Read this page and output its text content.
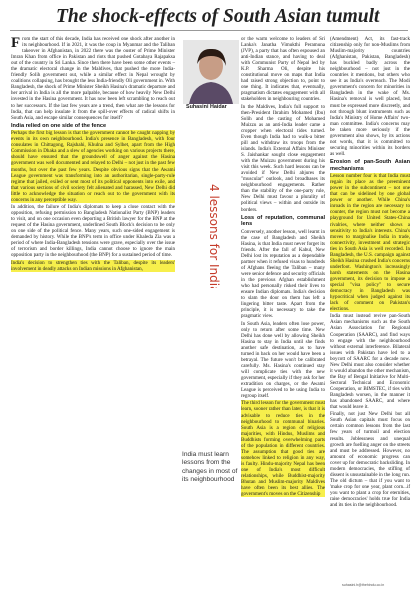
The shock-effects of South Asian tumult

From the start of this decade, India has received one shock after another in its neighbourhood. If in 2021, it was the coup in Myanmar and the Taliban takeover in Afghanistan, in 2022 there was the ouster of Prime Minister Imran Khan from office in Pakistan and riots that pushed Gotabaya Rajapaksa out of the country in Sri Lanka. Since then there have been some other events – the dramatic electoral change in the Maldives, that pushed the more India-friendly Solih government out, while a similar effect in Nepal wrought by coalitions collapsing, has brought the less India-friendly Oli government in. With Bangladesh, the shock of Prime Minister Sheikh Hasina's dramatic departure and her arrival in India is all the more palpable, because of how heavily New Delhi invested in the Hasina government. It has now been left scrambling to reach out to her successors. If the last few years are a trend, then what are the lessons for India, that can help insulate it from the spill-over effects of radical shifts in South Asia, and escape similar consequences for itself?

India relied on one side of the fence

Perhaps the first big lesson is that the government cannot be caught napping by events in its own neighbourhood. India's presence in Bangladesh, with four consulates in Chittagong, Rajshahi, Khulna and Sylhet, apart from the High Commission in Dhaka and a slew of agencies working on various projects there, should have ensured that the groundswell of anger against the Hasina government was well documented and relayed to Delhi – not just in the past few months, but over the past few years. Despite obvious signs that the Awami League government was transforming into an authoritarian, single-party-rule regime that jailed, exiled or sent most of its political opponents into exile, and that various sections of civil society felt alienated and harassed, New Delhi did little to acknowledge the situation or reach out to the government with its concerns in any perceptible way.

In addition, the failure of India's diplomats to keep a close contact with the opposition, refusing permission to Bangladesh Nationalist Party (BNP) leaders to visit, and on one occasion even deporting a British lawyer for the BNP at the request of the Hasina government, underlined South Block's decision to be only on one side of the political fence. Many years, such one-sided engagement is demanded by history. While the BNP's term in office under Khaleda Zia was a period of where India-Bangladesh tensions were grave, especially over the issue of terrorism and border killings, India cannot choose to ignore the main opposition party in the neighbourhood (the BNP) for a sustained period of time.

India's decision to strengthen ties with the Taliban, despite its leaders' involvement in deadly attacks on Indian missions in Afghanistan,

Suhasini Haidar
4 lessons for India in IR

or the warm welcome to leaders of Sri Lanka's Janatha Vimukthi Peramuna (JVP), a party that has often espoused an anti-Indian stance, and having to deal with Communist Party of Nepal led by K.P. Sharma Oli, despite his constitutional move on maps that India had raised strong objection to, point to one thing. It indicates that, eventually, pragmatism dictates engagement with all stakeholders in neighbouring countries.

In the Maldives, India's full support to then-President Ibrahim Mohamed (Ibu) Solih and the casting of Mohamed Muizzu as an anti-India leader came a cropper when electoral tides turned. Even though India had to walk-a bitter pill and withdraw its troops from the islands. India's External Affairs Minister S. Jaishankar sought close engagement with the Muizzu government during his visit this week. Such hard lessons can be avoided if New Delhi abjures the "muscular" outlook, and broadbases its neighbourhood engagements. Rather than the stability of the one-party rule, New Delhi must favour a plurality of political views – within and outside its borders.

Loss of reputation, communal lens

Conversely, another lesson, well learnt in the case of Bangladesh and Sheikh Hasina, is that India must never forget its friends. After the fall of Kabul, New Delhi lost its reputation as a dependable partner when it refused visas to hundreds of Afghans fleeing the Taliban – many were senior defence and security officials in the previous Afghan establishment who had personally risked their lives to ensure Indian diplomats. India's decision to slam the door on them has left a lingering bitter taste. Apart from the principle, it is necessary to take the pragmatic view.

In South Asia, leaders often lose power, only to return after some time. New Delhi has done well by allowing Sheikh Hasina to stay in India until she finds another safe destination, as to have turned in back on her would have been a betrayal. The future won't be calibrated carefully. Ms. Hasina's continued stay will complicate ties with the new government, especially if they ask for her extradition on charges, or the Awami League is perceived to be using India to regroup itself.

The third lesson for the government must learn, sooner rather than later, is that it is advisable to reduce ties in the neighbourhood to communal binaries. South Asia is a region of religious majorities, with Hindus, Muslims and Buddhists forming overwhelming parts of the population in different countries. The assumption that good ties are somehow linked to religion in any way, is faulty. Hindu-majority Nepal has been one of India's most difficult relationships, while Buddhist-majority Bhutan and Muslim-majority Maldives have often been its best allies. The government's moves on the Citizenship

(Amendment) Act, its fast-track citizenship only for non-Muslims from Muslim-majority countries (Afghanistan, Pakistan, Bangladesh) has buckled badly across the neighbourhood – not just in the countries it mentions, but others who see it as India's overreach. The Modi government's concern for minorities in Bangladesh in the wake of Ms. Hasina's removal is well placed, but must be expressed more discreetly, and not through blunt instruments such as India's Ministry of Home Affairs' two-man committee. India's concerns may be taken more seriously if the government also shows, by its actions not words, that it is committed to securing minorities within its borders as well.

Erosion of pan-South Asian mechanisms

Lesson number four is that India must regain its place as the preeminent power in the subcontinent – not one that can be sidelined by one global power or another. While China's inroads in the region are necessary to counter, the region must not become a playground for United States-China rivalries, where neither shows a sensitivity to India's interests. China's moves to marginalise India in trade, connectivity, investment and strategic ties in South Asia is well recorded. In Bangladesh, the U.S. campaign against Sheikh Hasina crushed India's concerns underfoot. Washington's increasingly harsh statements on the Hasina government, its decision to impose a special "visa policy" to secure democracy in Bangladesh was hypocritical when judged against its lack of comment on Pakistan's elections.

India must instead revive pan-South Asian mechanisms such as the South Asian Association for Regional Cooperation (SAARC), and find ways to engage with the neighbourhood without external interference. Bilateral issues with Pakistan have led to a boycott of SAARC for a decade now. New Delhi must also consider whether it would abandon the other mechanism, the Bay of Bengal Initiative for Multi-Sectoral Technical and Economic Cooperation, or BIMSTEC, if ties with Bangladesh worsen, in the manner it has abandoned SAARC, and where that would leave it.

Finally, not just New Delhi but all South Asian capitals must focus on certain common lessons from the last few years of turmoil and election results. Joblessness and unequal growth are fuelling anger on the streets and must be addressed. However, no amount of economic progress can cover up for democratic backsliding. In modern democracies, the stifling of dissent is unsustainable in the long run. The old dictum – that if you want to 'make crop for one year, plant corn...if you want to plant a crop for eternities, raise democracies' holds true for India and its ties in the neighbourhood.

India must learn lessons from the changes in most of its neighbourhood
suhasini.h@thehindu.co.in
